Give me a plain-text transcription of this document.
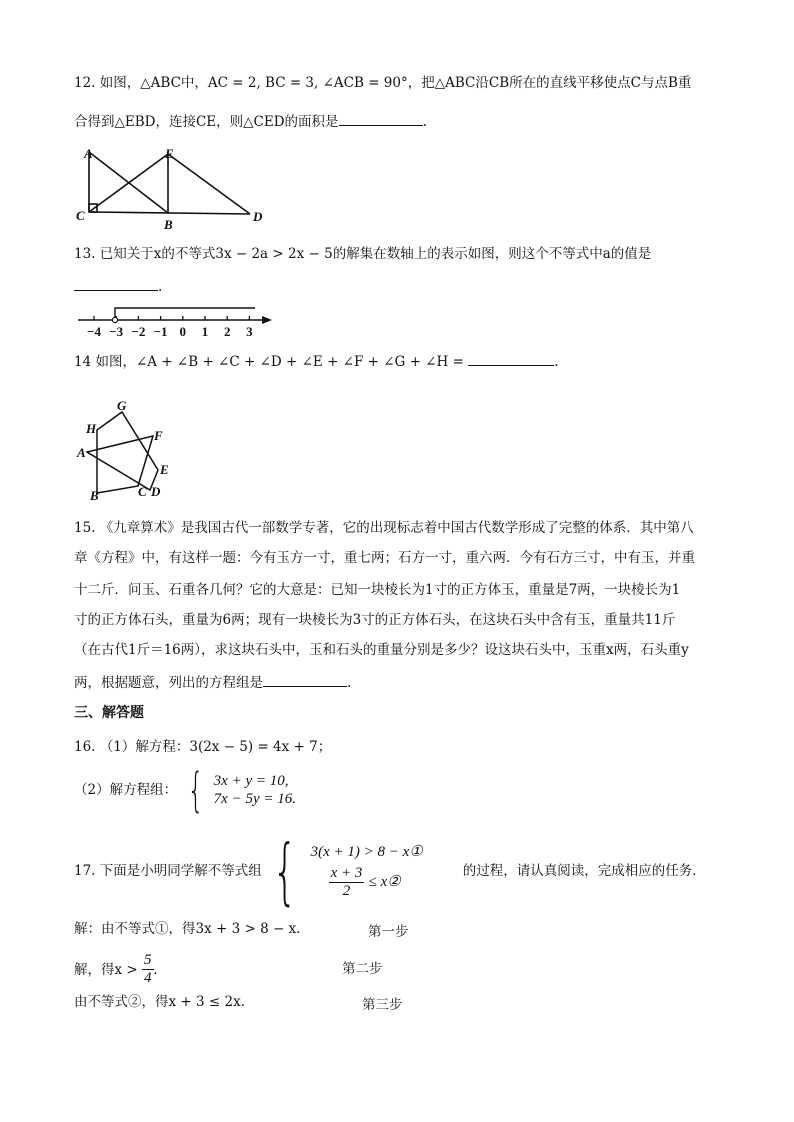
12. 如图，△ABC中，AC = 2, BC = 3, ∠ACB = 90°，把△ABC沿CB所在的直线平移使点C与点B重
合得到△EBD，连接CE，则△CED的面积是	.
A	E
C
B
D
13. 已知关于x的不等式3x − 2a > 2x − 5的解集在数轴上的表示如图，则这个不等式中a的值是
.
−4 −3 −2 −1 0 1 2 3
14 如图，∠A + ∠B + ∠C + ∠D + ∠E + ∠F + ∠G + ∠H =	.
G
H	F
A
E
D
C
B
15. 《九章算术》是我国古代一部数学专著，它的出现标志着中国古代数学形成了完整的体系．其中第八
章《方程》中，有这样一题：今有玉方一寸，重七两；石方一寸，重六两．今有石方三寸，中有玉，并重
十二斤．问玉、石重各几何？它的大意是：已知一块棱长为1寸的正方体玉，重量是7两，一块棱长为1
寸的正方体石头，重量为6两；现有一块棱长为3寸的正方体石头，在这块石头中含有玉，重量共11斤
（在古代1斤＝16两），求这块石头中，玉和石头的重量分别是多少？设这块石头中，玉重x两，石头重y
两，根据题意，列出的方程组是	.
三、解答题
16. （1）解方程：3(2x − 5) = 4x + 7；
（2）解方程组： { 3x + y = 10,
7x − 5y = 16.
17. 下面是小明同学解不等式组 { 3(x + 1) > 8 − x①
$\frac{x + 3}{2}$ ≤ x②
的过程，请认真阅读，完成相应的任务．
解：由不等式①，得3x + 3 > 8 − x．	第一步
解，得x >
$\frac{5}{4}$ ．	第二步
由不等式②，得x + 3 ≤ 2x．	第三步
